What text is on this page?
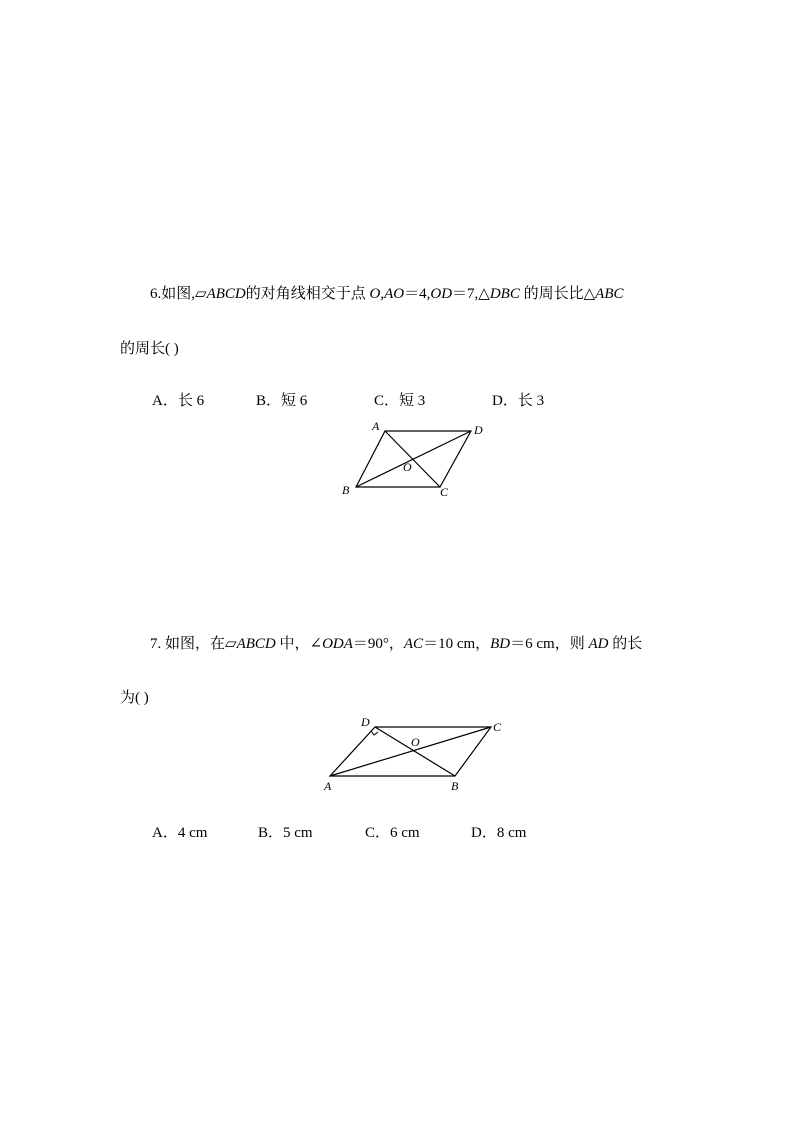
6.如图,▱ABCD的对角线相交于点 O,AO＝4,OD＝7,△DBC 的周长比△ABC
的周长( )
A．长 6	B．短 6	C．短 3	D．长 3
A	D
O
B	C
D	C
O
A	B
7. 如图，在▱ABCD 中，∠ODA＝90°，AC＝10 cm，BD＝6 cm，则 AD 的长
为( )
A．4 cm	B．5 cm	C．6 cm	D．8 cm
